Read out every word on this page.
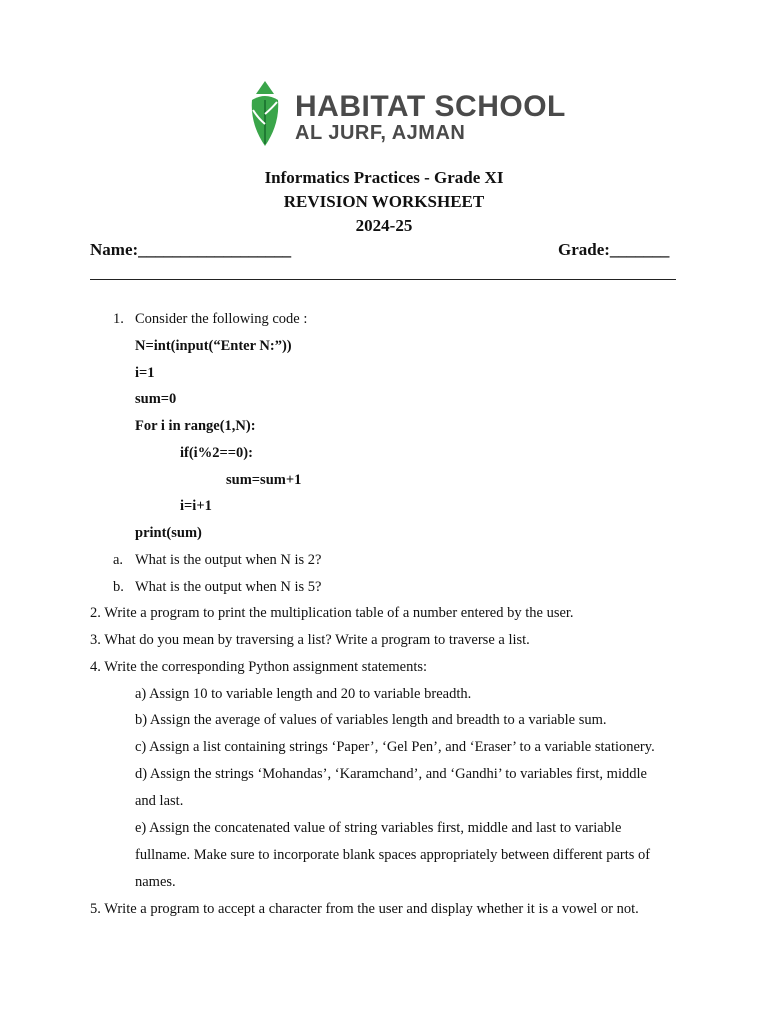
HABITAT SCHOOL
AL JURF, AJMAN
Informatics Practices - Grade XI
REVISION WORKSHEET
2024-25
Name:__________________	Grade:_______
1. Consider the following code :
N=int(input(“Enter N:”))
i=1
sum=0
For i in range(1,N):
if(i%2==0):
sum=sum+1
i=i+1
print(sum)
a. What is the output when N is 2?
b. What is the output when N is 5?
2. Write a program to print the multiplication table of a number entered by the user.
3. What do you mean by traversing a list? Write a program to traverse a list.
4. Write the corresponding Python assignment statements:
a) Assign 10 to variable length and 20 to variable breadth.
b) Assign the average of values of variables length and breadth to a variable sum.
c) Assign a list containing strings ‘Paper’, ‘Gel Pen’, and ‘Eraser’ to a variable stationery.
d) Assign the strings ‘Mohandas’, ‘Karamchand’, and ‘Gandhi’ to variables first, middle
and last.
e) Assign the concatenated value of string variables first, middle and last to variable
fullname. Make sure to incorporate blank spaces appropriately between different parts of
names.
5. Write a program to accept a character from the user and display whether it is a vowel or not.
